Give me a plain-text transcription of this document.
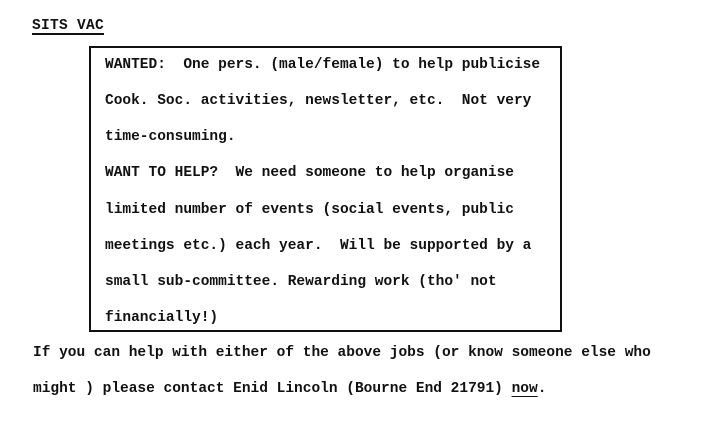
SITS VAC
WANTED:  One pers. (male/female) to help publicise
Cook. Soc. activities, newsletter, etc.  Not very
time-consuming.
WANT TO HELP?  We need someone to help organise
limited number of events (social events, public
meetings etc.) each year.  Will be supported by a
small sub-committee. Rewarding work (tho' not
financially!)
If you can help with either of the above jobs (or know someone else who
might ) please contact Enid Lincoln (Bourne End 21791) now.
